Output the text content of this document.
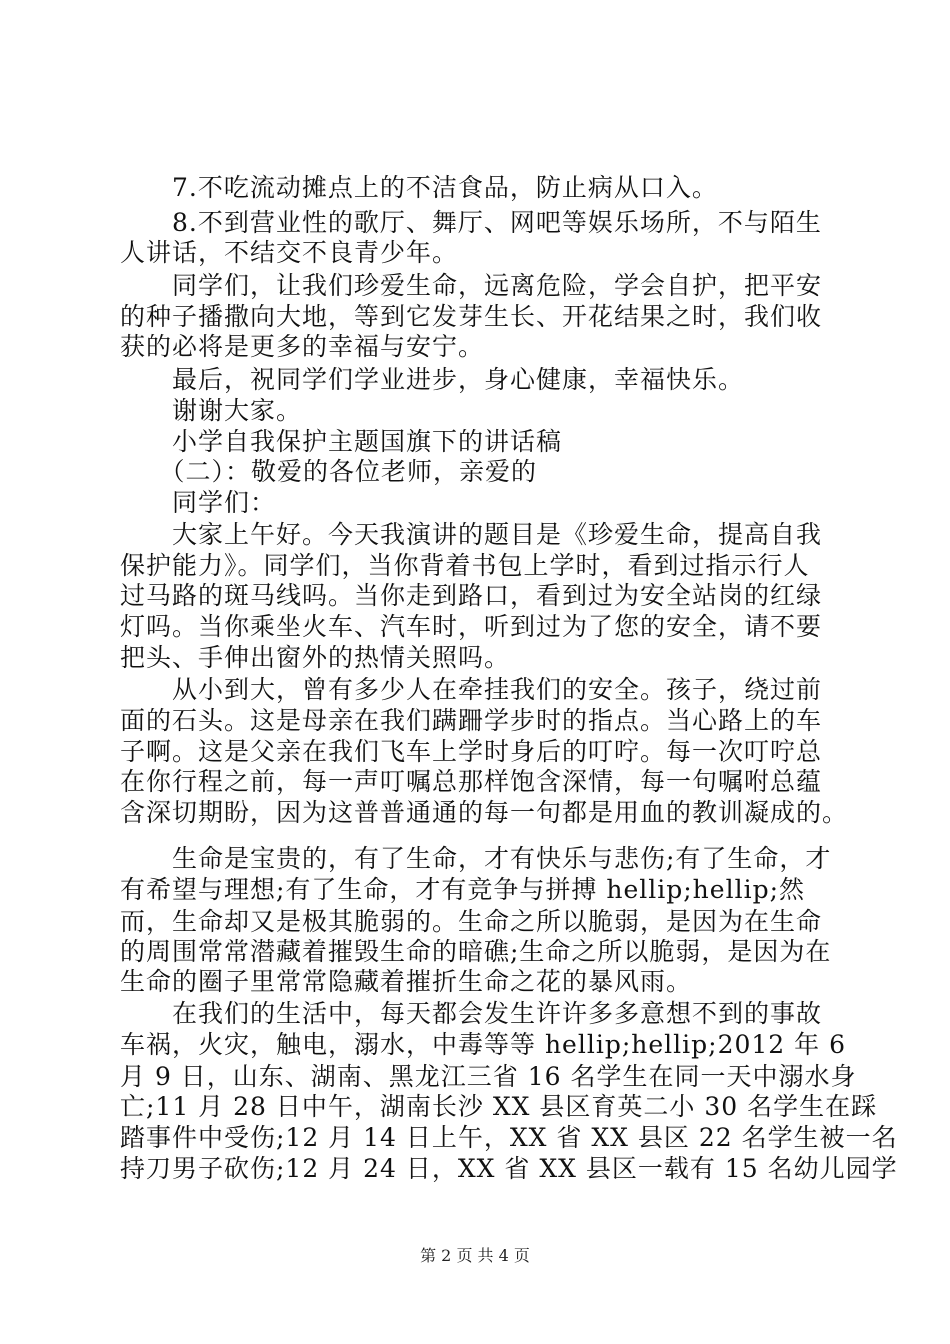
　　7.不吃流动摊点上的不洁食品，防止病从口入。
　　8.不到营业性的歌厅、舞厅、网吧等娱乐场所，不与陌生
人讲话，不结交不良青少年。
　　同学们，让我们珍爱生命，远离危险，学会自护，把平安
的种子播撒向大地，等到它发芽生长、开花结果之时，我们收
获的必将是更多的幸福与安宁。
　　最后，祝同学们学业进步，身心健康，幸福快乐。
　　谢谢大家。
　　小学自我保护主题国旗下的讲话稿
　　（二）：敬爱的各位老师，亲爱的
　　同学们：
　　大家上午好。今天我演讲的题目是《珍爱生命，提高自我
保护能力》。同学们，当你背着书包上学时，看到过指示行人
过马路的斑马线吗。当你走到路口，看到过为安全站岗的红绿
灯吗。当你乘坐火车、汽车时，听到过为了您的安全，请不要
把头、手伸出窗外的热情关照吗。
　　从小到大，曾有多少人在牵挂我们的安全。孩子，绕过前
面的石头。这是母亲在我们蹒跚学步时的指点。当心路上的车
子啊。这是父亲在我们飞车上学时身后的叮咛。每一次叮咛总
在你行程之前，每一声叮嘱总那样饱含深情，每一句嘱咐总蕴
含深切期盼，因为这普普通通的每一句都是用血的教训凝成的。
　　生命是宝贵的，有了生命，才有快乐与悲伤;有了生命，才
有希望与理想;有了生命，才有竞争与拼搏 hellip;hellip;然
而，生命却又是极其脆弱的。生命之所以脆弱，是因为在生命
的周围常常潜藏着摧毁生命的暗礁;生命之所以脆弱，是因为在
生命的圈子里常常隐藏着摧折生命之花的暴风雨。
　　在我们的生活中，每天都会发生许许多多意想不到的事故
车祸，火灾，触电，溺水，中毒等等 hellip;hellip;2012 年 6
月 9 日，山东、湖南、黑龙江三省 16 名学生在同一天中溺水身
亡;11 月 28 日中午，湖南长沙 XX 县区育英二小 30 名学生在踩
踏事件中受伤;12 月 14 日上午，XX 省 XX 县区 22 名学生被一名
持刀男子砍伤;12 月 24 日，XX 省 XX 县区一载有 15 名幼儿园学
第 2 页 共 4 页
